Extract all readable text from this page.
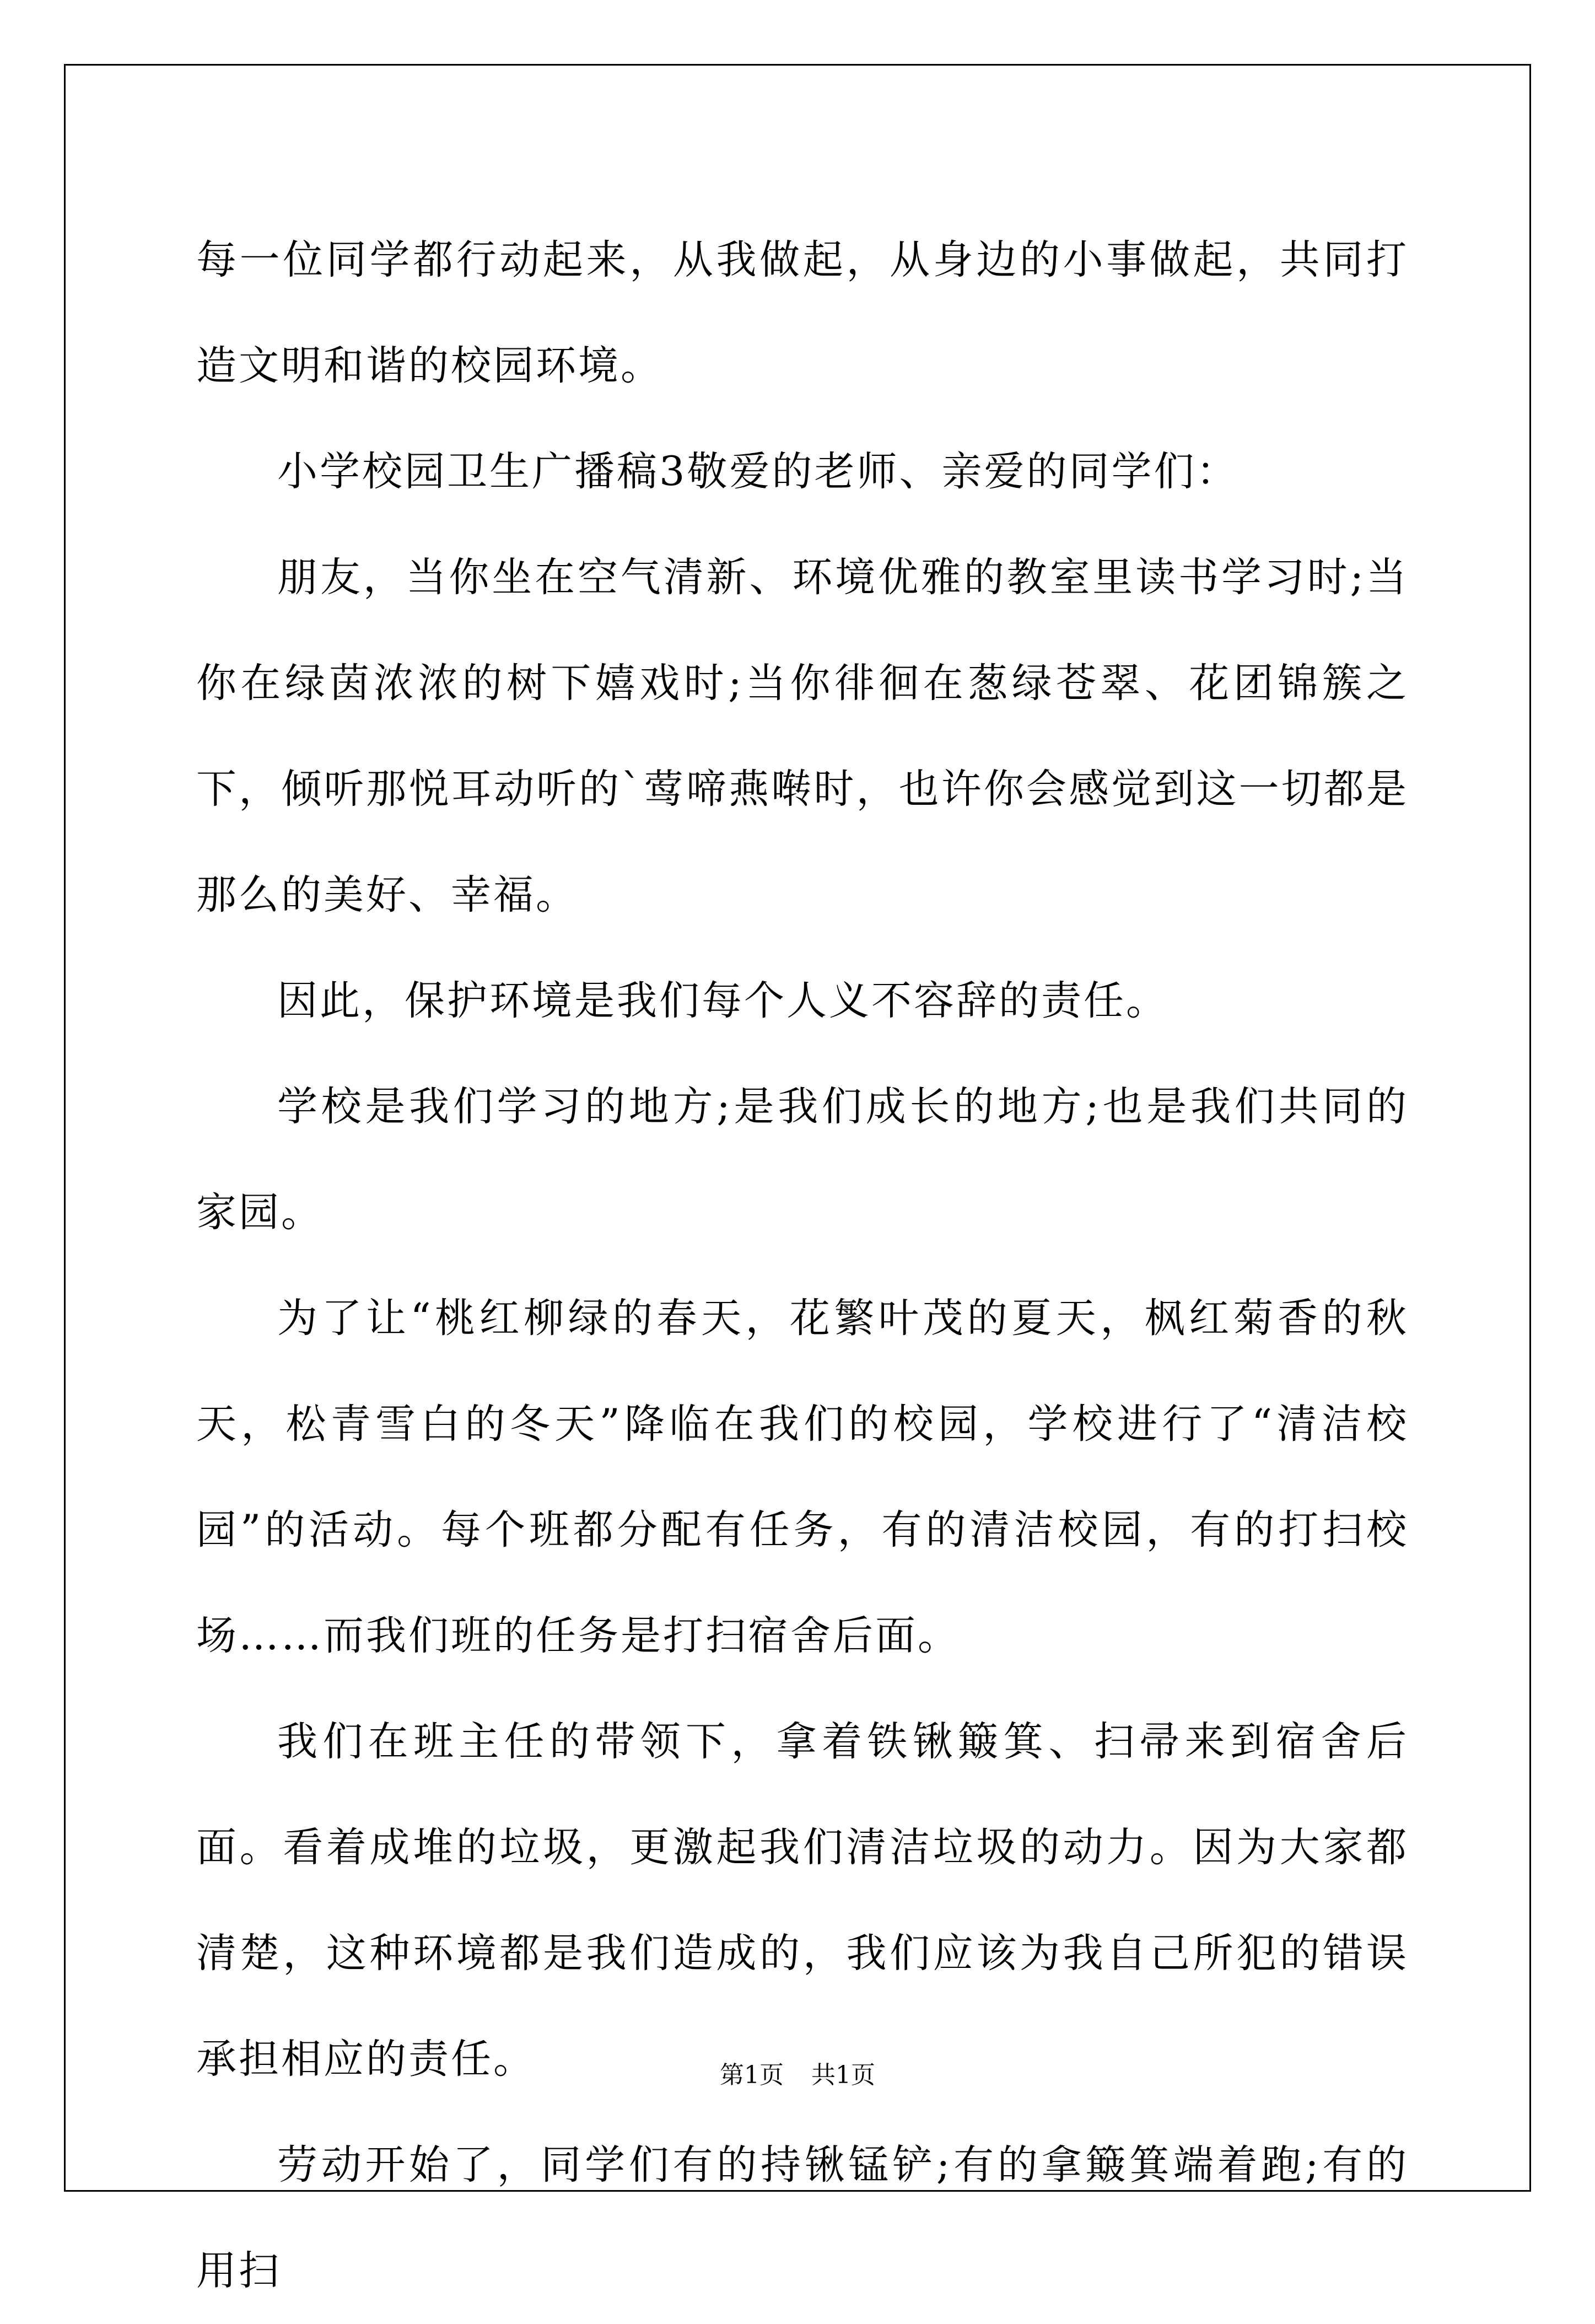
每一位同学都行动起来，从我做起，从身边的小事做起，共同打造文明和谐的校园环境。

小学校园卫生广播稿3敬爱的老师、亲爱的同学们：

朋友，当你坐在空气清新、环境优雅的教室里读书学习时;当你在绿茵浓浓的树下嬉戏时;当你徘徊在葱绿苍翠、花团锦簇之下，倾听那悦耳动听的`莺啼燕啭时，也许你会感觉到这一切都是那么的美好、幸福。

因此，保护环境是我们每个人义不容辞的责任。

学校是我们学习的地方;是我们成长的地方;也是我们共同的家园。

为了让“桃红柳绿的春天，花繁叶茂的夏天，枫红菊香的秋天，松青雪白的冬天”降临在我们的校园，学校进行了“清洁校园”的活动。每个班都分配有任务，有的清洁校园，有的打扫校场……而我们班的任务是打扫宿舍后面。

我们在班主任的带领下，拿着铁锹簸箕、扫帚来到宿舍后面。看着成堆的垃圾，更激起我们清洁垃圾的动力。因为大家都清楚，这种环境都是我们造成的，我们应该为我自己所犯的错误承担相应的责任。

劳动开始了，同学们有的持锹锰铲;有的拿簸箕端着跑;有的用扫

第1页 共1页
